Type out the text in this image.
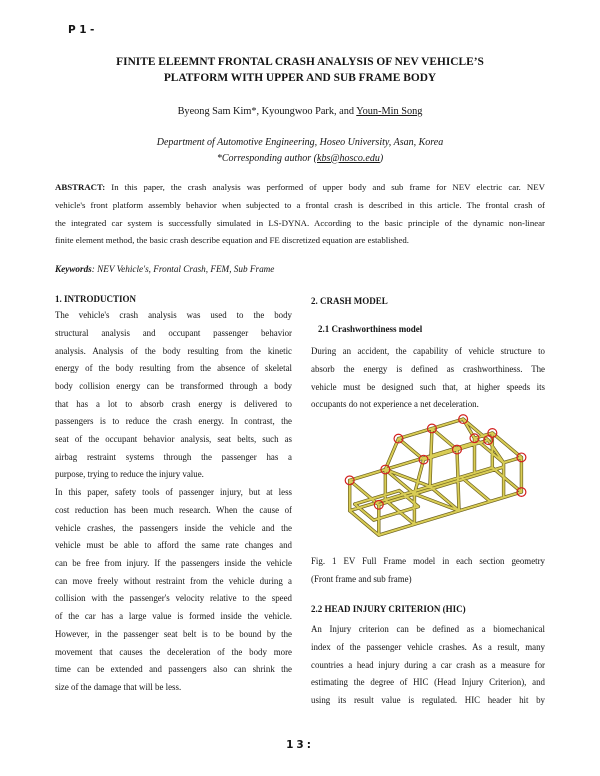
P1-
FINITE ELEEMNT FRONTAL CRASH ANALYSIS OF NEV VEHICLE’S
PLATFORM WITH UPPER AND SUB FRAME BODY
Byeong Sam Kim*, Kyoungwoo Park, and Youn-Min Song
Department of Automotive Engineering, Hoseo University, Asan, Korea
*Corresponding author (kbs@hosco.edu)
ABSTRACT: In this paper, the crash analysis was performed of upper body and sub frame for NEV electric car. NEV
vehicle's front platform assembly behavior when subjected to a frontal crash is described in this article. The frontal crash of
the integrated car system is successfully simulated in LS-DYNA. According to the basic principle of the dynamic non-linear
finite element method, the basic crash describe equation and FE discretized equation are established.
Keywords: NEV Vehicle's, Frontal Crash, FEM, Sub Frame
1. INTRODUCTION
The vehicle's crash analysis was used to the body
structural analysis and occupant passenger behavior
analysis. Analysis of the body resulting from the kinetic
energy of the body resulting from the absence of skeletal
body collision energy can be transformed through a body
that has a lot to absorb crash energy is delivered to
passengers is to reduce the crash energy. In contrast, the
seat of the occupant behavior analysis, seat belts, such as
airbag restraint systems through the passenger has a
purpose, trying to reduce the injury value.
In this paper, safety tools of passenger injury, but at less
cost reduction has been much research. When the cause of
vehicle crashes, the passengers inside the vehicle and the
vehicle must be able to afford the same rate changes and
can be free from injury. If the passengers inside the vehicle
can move freely without restraint from the vehicle during a
collision with the passenger's velocity relative to the speed
of the car has a large value is formed inside the vehicle.
However, in the passenger seat belt is to be bound by the
movement that causes the deceleration of the body more
time can be extended and passengers also can shrink the
size of the damage that will be less.
2. CRASH MODEL
2.1 Crashworthiness model
During an accident, the capability of vehicle structure to
absorb the energy is defined as crashworthiness. The
vehicle must be designed such that, at higher speeds its
occupants do not experience a net deceleration.
Fig. 1 EV Full Frame model in each section geometry
(Front frame and sub frame)
2.2 HEAD INJURY CRITERION (HIC)
An Injury criterion can be defined as a biomechanical
index of the passenger vehicle crashes. As a result, many
countries a head injury during a car crash as a measure for
estimating the degree of HIC (Head Injury Criterion), and
using its result value is regulated. HIC header hit by
13:
